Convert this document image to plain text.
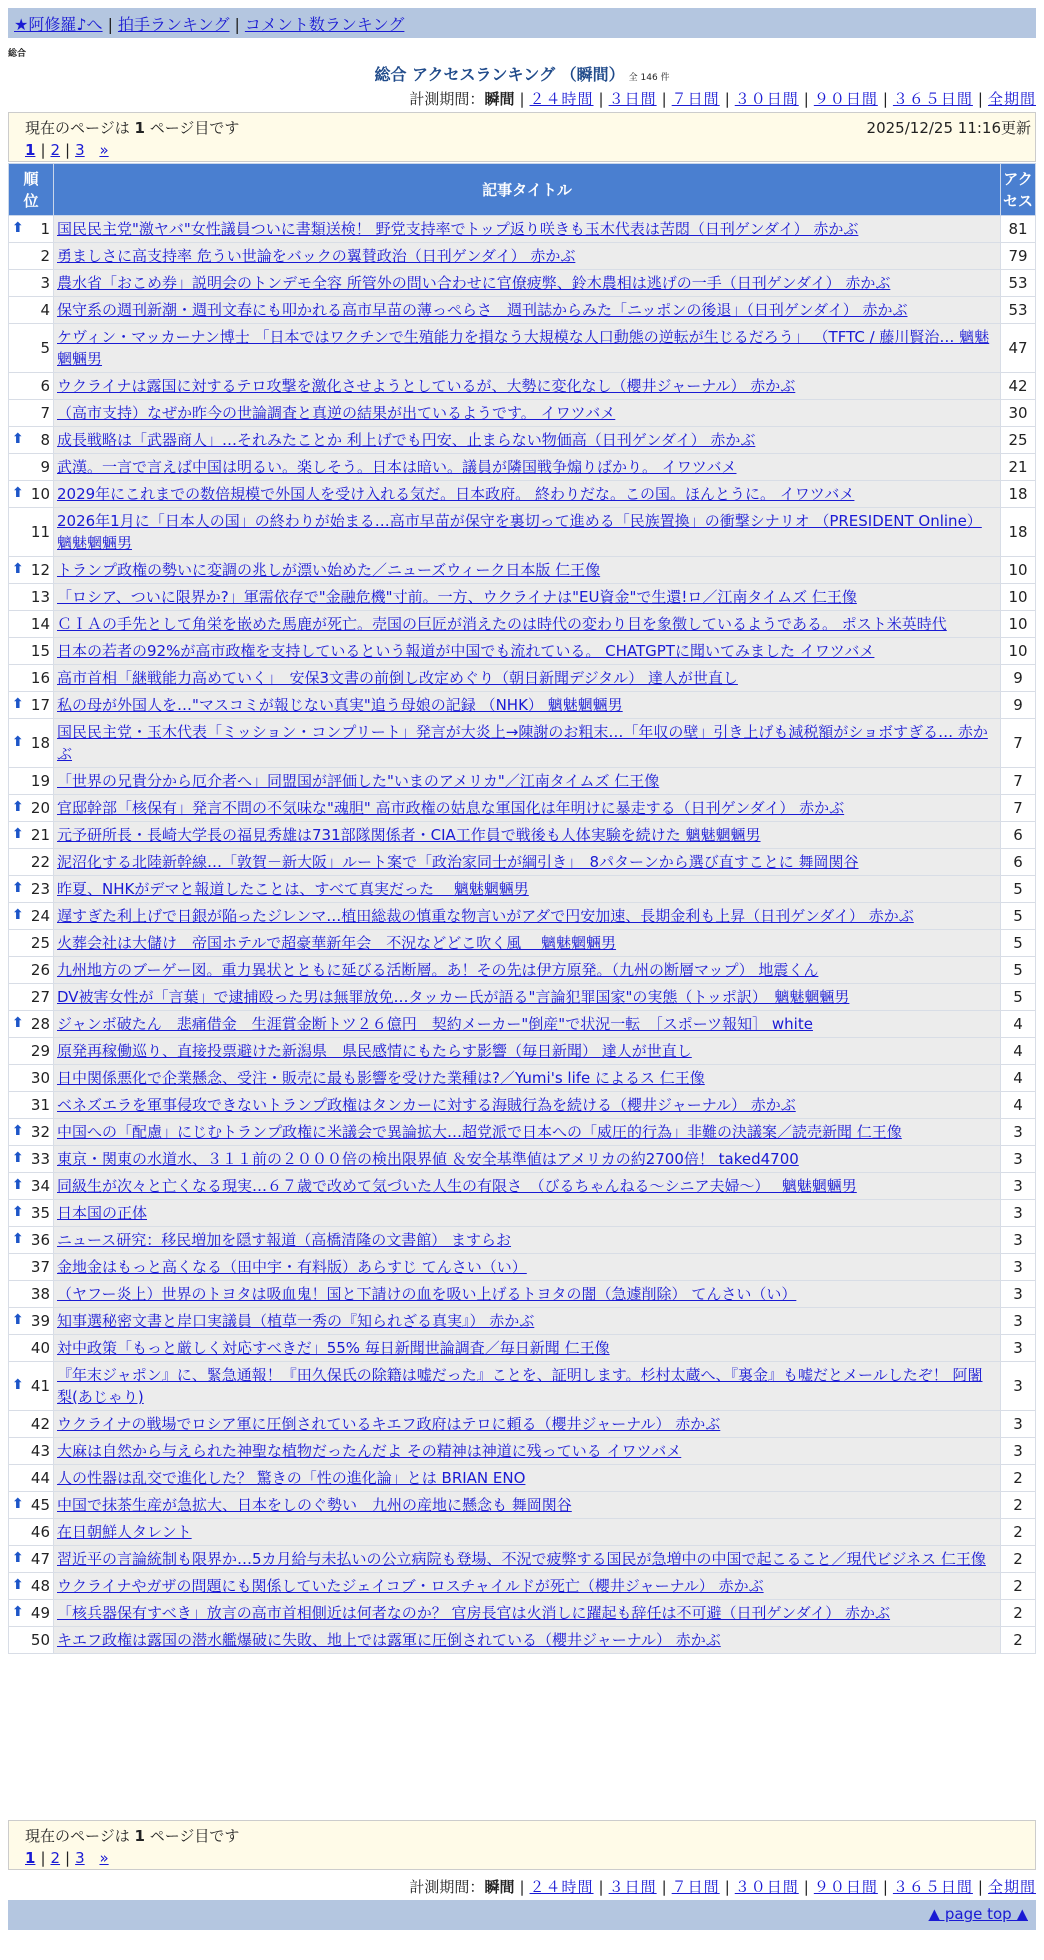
★阿修羅♪へ | 拍手ランキング | コメント数ランキング
総合
総合 アクセスランキング （瞬間） 全 146 件
計測期間：瞬間 | ２４時間 | ３日間 | ７日間 | ３０日間 | ９０日間 | ３６５日間 | 全期間
現在のページは 1 ページ目です	2025/12/25 11:16更新
1 | 2 | 3 »
順位	記事タイトル	アクセス

⬆ 1	国民民主党"激ヤバ"女性議員ついに書類送検！ 野党支持率でトップ返り咲きも玉木代表は苦悶（日刊ゲンダイ） 赤かぶ	81
2	勇ましさに高支持率 危うい世論をバックの翼賛政治（日刊ゲンダイ） 赤かぶ	79
3	農水省「おこめ券」説明会のトンデモ全容 所管外の問い合わせに官僚疲弊、鈴木農相は逃げの一手（日刊ゲンダイ） 赤かぶ	53
4	保守系の週刊新潮・週刊文春にも叩かれる高市早苗の薄っぺらさ　週刊誌からみた「ニッポンの後退」（日刊ゲンダイ） 赤かぶ	53
5	ケヴィン・マッカーナン博士 「日本ではワクチンで生殖能力を損なう大規模な人口動態の逆転が生じるだろう」 （TFTC / 藤川賢治… 魑魅魍魎男	47
6	ウクライナは露国に対するテロ攻撃を激化させようとしているが、大勢に変化なし（櫻井ジャーナル） 赤かぶ	42
7	（高市支持）なぜか昨今の世論調査と真逆の結果が出ているようです。 イワツバメ	30

⬆ 8	成長戦略は「武器商人」…それみたことか 利上げでも円安、止まらない物価高（日刊ゲンダイ） 赤かぶ	25
9	武漢。一言で言えば中国は明るい。楽しそう。日本は暗い。議員が隣国戦争煽りばかり。 イワツバメ	21

⬆ 10	2029年にこれまでの数倍規模で外国人を受け入れる気だ。日本政府。 終わりだな。この国。ほんとうに。 イワツバメ	18
11	2026年1月に「日本人の国」の終わりが始まる…高市早苗が保守を裏切って進める「民族置換」の衝撃シナリオ （PRESIDENT Online） 魑魅魍魎男	18

⬆ 12	トランプ政権の勢いに変調の兆しが漂い始めた／ニューズウィーク日本版 仁王像	10
13	「ロシア、ついに限界か?」軍需依存で"金融危機"寸前。一方、ウクライナは"EU資金"で生還!ロ／江南タイムズ 仁王像	10
14	ＣＩＡの手先として角栄を嵌めた馬鹿が死亡。売国の巨匠が消えたのは時代の変わり目を象徴しているようである。 ポスト米英時代	10
15	日本の若者の92%が高市政権を支持しているという報道が中国でも流れている。 CHATGPTに聞いてみました イワツバメ	10
16	高市首相「継戦能力高めていく」　安保3文書の前倒し改定めぐり（朝日新聞デジタル） 達人が世直し	9

⬆ 17	私の母が外国人を…"マスコミが報じない真実"追う母娘の記録 （NHK） 魑魅魍魎男	9

⬆ 18	国民民主党・玉木代表「ミッション・コンプリート」発言が大炎上→陳謝のお粗末…「年収の壁」引き上げも減税額がショボすぎる… 赤かぶ	7
19	「世界の兄貴分から厄介者へ」同盟国が評価した"いまのアメリカ"／江南タイムズ 仁王像	7

⬆ 20	官邸幹部「核保有」発言不問の不気味な"魂胆" 高市政権の姑息な軍国化は年明けに暴走する（日刊ゲンダイ） 赤かぶ	7

⬆ 21	元予研所長・長崎大学長の福見秀雄は731部隊関係者・CIA工作員で戦後も人体実験を続けた 魑魅魍魎男	6
22	泥沼化する北陸新幹線…「敦賀－新大阪」ルート案で「政治家同士が綱引き」　8パターンから選び直すことに 舞岡関谷	6

⬆ 23	昨夏、NHKがデマと報道したことは、すべて真実だった　 魑魅魍魎男	5

⬆ 24	遅すぎた利上げで日銀が陥ったジレンマ…植田総裁の慎重な物言いがアダで円安加速、長期金利も上昇（日刊ゲンダイ） 赤かぶ	5
25	火葬会社は大儲け　帝国ホテルで超豪華新年会　不況などどこ吹く風　 魑魅魍魎男	5
26	九州地方のブーゲー図。重力異状とともに延びる活断層。あ！その先は伊方原発。（九州の断層マップ） 地震くん	5
27	DV被害女性が「言葉」で逮捕殴った男は無罪放免…タッカー氏が語る"言論犯罪国家"の実態（トッポ訳）　魑魅魍魎男	5

⬆ 28	ジャンボ破たん　悲痛借金　生涯賞金断トツ２６億円　契約メーカー"倒産"で状況一転　［スポーツ報知］ white	4
29	原発再稼働巡り、直接投票避けた新潟県　県民感情にもたらす影響（毎日新聞） 達人が世直し	4
30	日中関係悪化で企業懸念、受注・販売に最も影響を受けた業種は?／Yumi's life によるス 仁王像	4
31	ベネズエラを軍事侵攻できないトランプ政権はタンカーに対する海賊行為を続ける（櫻井ジャーナル） 赤かぶ	4

⬆ 32	中国への「配慮」にじむトランプ政権に米議会で異論拡大…超党派で日本への「威圧的行為」非難の決議案／読売新聞 仁王像	3

⬆ 33	東京・関東の水道水、３１１前の２０００倍の検出限界値 ＆安全基準値はアメリカの約2700倍！ taked4700	3

⬆ 34	同級生が次々と亡くなる現実…６７歳で改めて気づいた人生の有限さ　（びるちゃんねる～シニア夫婦～）　 魑魅魍魎男	3

⬆ 35	日本国の正体	3

⬆ 36	ニュース研究：移民増加を隠す報道（高橋清隆の文書館） ますらお	3
37	金地金はもっと高くなる（田中宇・有料版）あらすじ てんさい（い）	3
38	（ヤフー炎上）世界のトヨタは吸血鬼！国と下請けの血を吸い上げるトヨタの闇（急遽削除） てんさい（い）	3

⬆ 39	知事選秘密文書と岸口実議員（植草一秀の『知られざる真実』） 赤かぶ	3
40	対中政策「もっと厳しく対応すべきだ」55% 毎日新聞世論調査／毎日新聞 仁王像	3

⬆ 41	『年末ジャポン』に、緊急通報！『田久保氏の除籍は嘘だった』ことを、証明します。杉村太蔵へ、『裏金』も嘘だとメールしたぞ！ 阿闍梨(あじゃり)	3
42	ウクライナの戦場でロシア軍に圧倒されているキエフ政府はテロに頼る（櫻井ジャーナル） 赤かぶ	3
43	大麻は自然から与えられた神聖な植物だったんだよ その精神は神道に残っている イワツバメ	3
44	人の性器は乱交で進化した？ 驚きの「性の進化論」とは BRIAN ENO	2

⬆ 45	中国で抹茶生産が急拡大、日本をしのぐ勢い　九州の産地に懸念も 舞岡関谷	2
46	在日朝鮮人タレント	2

⬆ 47	習近平の言論統制も限界か…5カ月給与未払いの公立病院も登場、不況で疲弊する国民が急増中の中国で起こること／現代ビジネス 仁王像	2

⬆ 48	ウクライナやガザの問題にも関係していたジェイコブ・ロスチャイルドが死亡（櫻井ジャーナル） 赤かぶ	2

⬆ 49	「核兵器保有すべき」放言の高市首相側近は何者なのか？ 官房長官は火消しに躍起も辞任は不可避（日刊ゲンダイ） 赤かぶ	2
50	キエフ政権は露国の潜水艦爆破に失敗、地上では露軍に圧倒されている（櫻井ジャーナル） 赤かぶ	2
現在のページは 1 ページ目です
1 | 2 | 3 »
計測期間：瞬間 | ２４時間 | ３日間 | ７日間 | ３０日間 | ９０日間 | ３６５日間 | 全期間
▲ page top ▲
